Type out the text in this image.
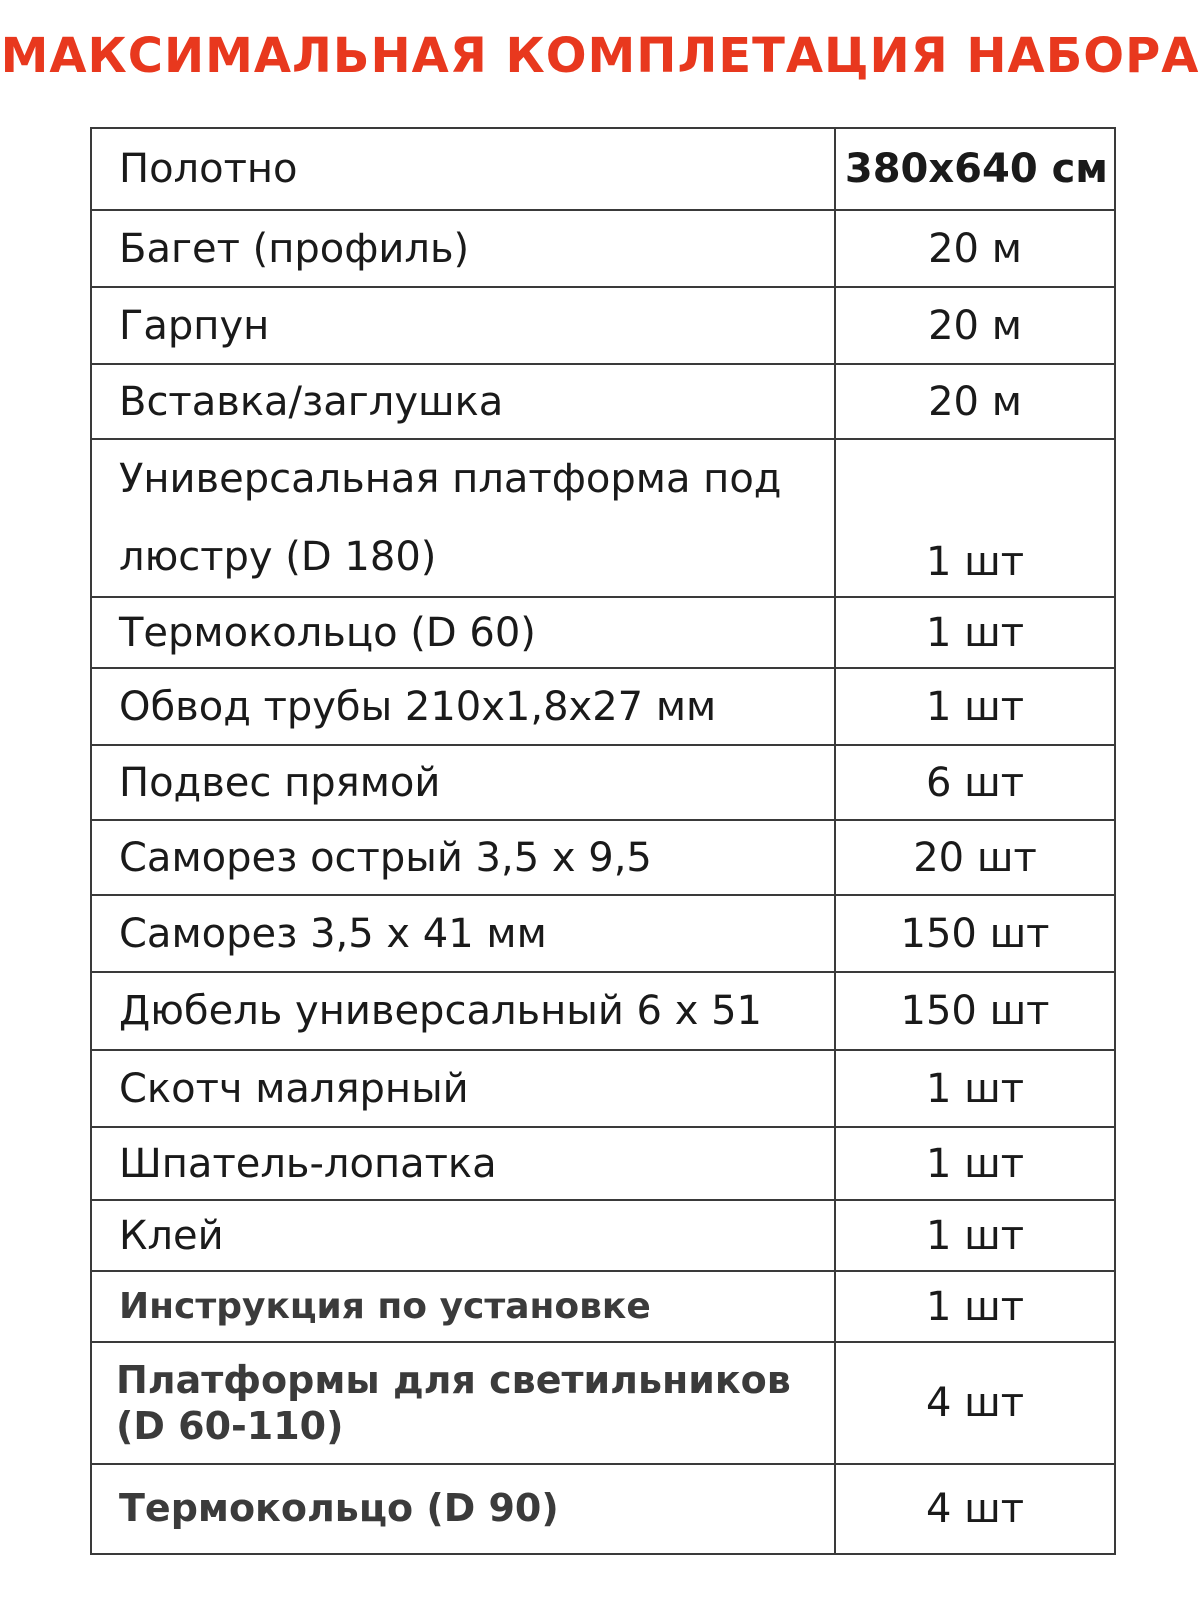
МАКСИМАЛЬНАЯ КОМПЛЕТАЦИЯ НАБОРА
Полотно	380х640 см
Багет (профиль)	20 м
Гарпун	20 м
Вставка/заглушка	20 м
Универсальная платформа под люстру (D 180)	1 шт
Термокольцо (D 60)	1 шт
Обвод трубы 210х1,8х27 мм	1 шт
Подвес прямой	6 шт
Саморез острый 3,5 х 9,5	20 шт
Саморез 3,5 х 41 мм	150 шт
Дюбель универсальный 6 х 51	150 шт
Скотч малярный	1 шт
Шпатель-лопатка	1 шт
Клей	1 шт
Инструкция по установке	1 шт
Платформы для светильников (D 60-110)	4 шт
Термокольцо (D 90)	4 шт
